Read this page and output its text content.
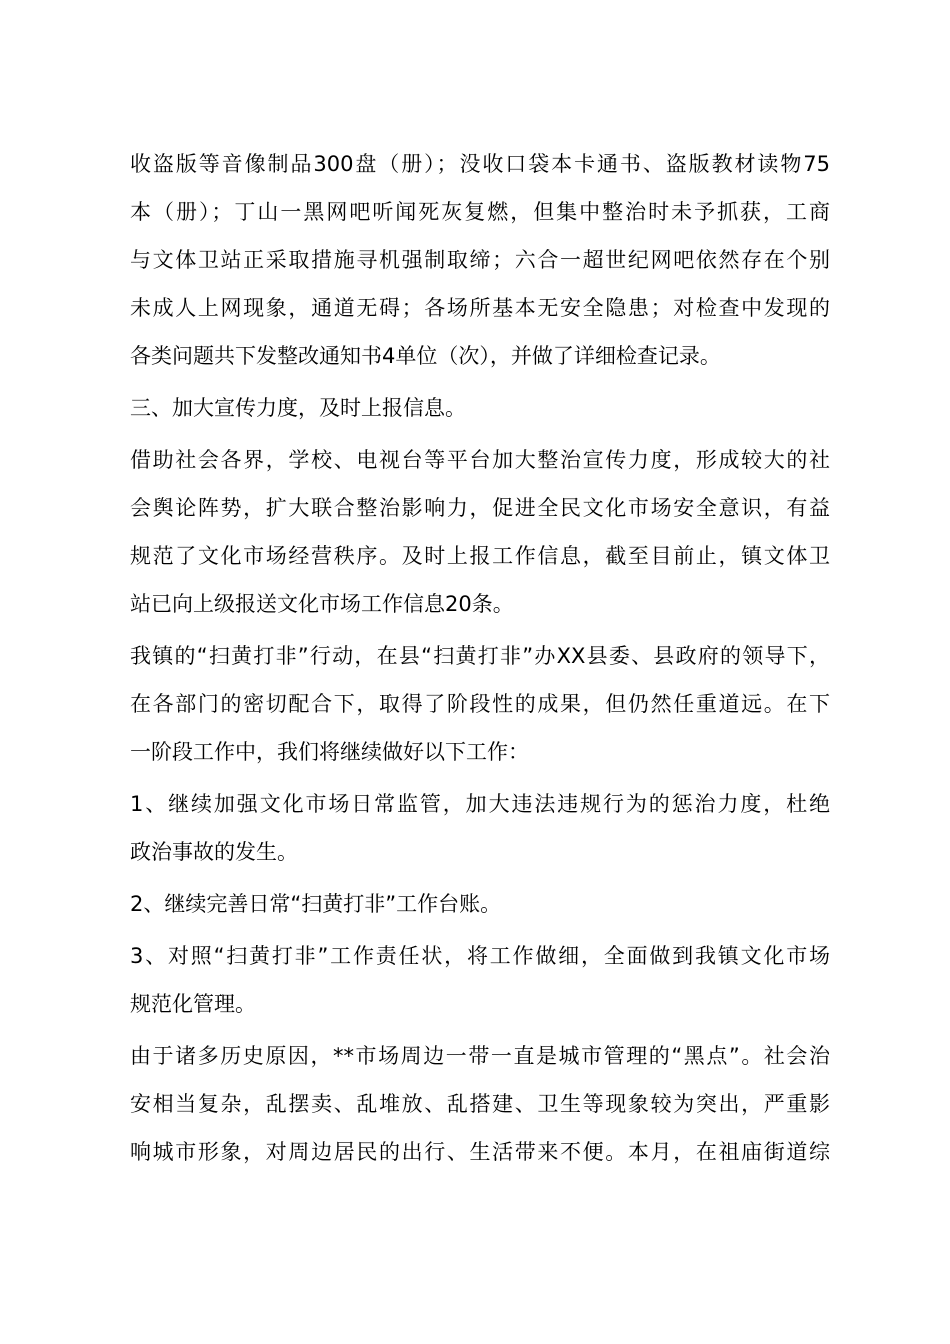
收盗版等音像制品300盘（册）；没收口袋本卡通书、盗版教材读物75
本（册）；丁山一黑网吧听闻死灰复燃，但集中整治时未予抓获，工商
与文体卫站正采取措施寻机强制取缔；六合一超世纪网吧依然存在个别
未成人上网现象，通道无碍；各场所基本无安全隐患；对检查中发现的
各类问题共下发整改通知书4单位（次），并做了详细检查记录。
三、加大宣传力度，及时上报信息。
借助社会各界，学校、电视台等平台加大整治宣传力度，形成较大的社
会舆论阵势，扩大联合整治影响力，促进全民文化市场安全意识，有益
规范了文化市场经营秩序。及时上报工作信息，截至目前止，镇文体卫
站已向上级报送文化市场工作信息20条。
我镇的“扫黄打非”行动，在县“扫黄打非”办XX县委、县政府的领导下，
在各部门的密切配合下，取得了阶段性的成果，但仍然任重道远。在下
一阶段工作中，我们将继续做好以下工作：
1、继续加强文化市场日常监管，加大违法违规行为的惩治力度，杜绝
政治事故的发生。
2、继续完善日常“扫黄打非”工作台账。
3、对照“扫黄打非”工作责任状，将工作做细，全面做到我镇文化市场
规范化管理。
由于诸多历史原因，**市场周边一带一直是城市管理的“黑点”。社会治
安相当复杂，乱摆卖、乱堆放、乱搭建、卫生等现象较为突出，严重影
响城市形象，对周边居民的出行、生活带来不便。本月，在祖庙街道综
